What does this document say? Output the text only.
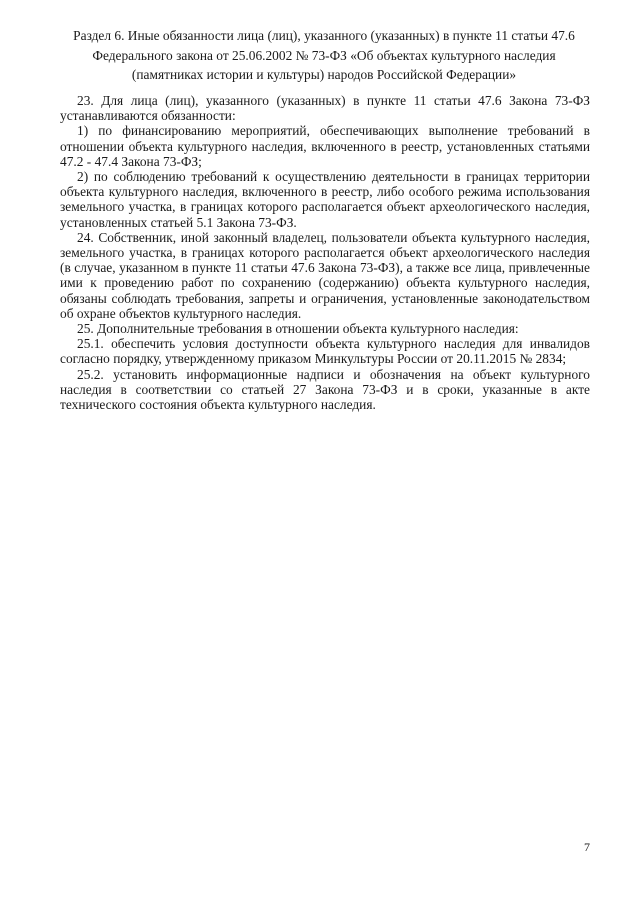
Раздел 6. Иные обязанности лица (лиц), указанного (указанных) в пункте 11 статьи 47.6
Федерального закона от 25.06.2002 № 73-ФЗ «Об объектах культурного наследия
(памятниках истории и культуры) народов Российской Федерации»

23. Для лица (лиц), указанного (указанных) в пункте 11 статьи 47.6 Закона 73-ФЗ устанавливаются обязанности:

1) по финансированию мероприятий, обеспечивающих выполнение требований в отношении объекта культурного наследия, включенного в реестр, установленных статьями 47.2 - 47.4 Закона 73-ФЗ;

2) по соблюдению требований к осуществлению деятельности в границах территории объекта культурного наследия, включенного в реестр, либо особого режима использования земельного участка, в границах которого располагается объект археологического наследия, установленных статьей 5.1 Закона 73-ФЗ.

24. Собственник, иной законный владелец, пользователи объекта культурного наследия, земельного участка, в границах которого располагается объект археологического наследия (в случае, указанном в пункте 11 статьи 47.6 Закона 73-ФЗ), а также все лица, привлеченные ими к проведению работ по сохранению (содержанию) объекта культурного наследия, обязаны соблюдать требования, запреты и ограничения, установленные законодательством об охране объектов культурного наследия.

25. Дополнительные требования в отношении объекта культурного наследия:

25.1. обеспечить условия доступности объекта культурного наследия для инвалидов согласно порядку, утвержденному приказом Минкультуры России от 20.11.2015 № 2834;

25.2. установить информационные надписи и обозначения на объект культурного наследия в соответствии со статьей 27 Закона 73-ФЗ и в сроки, указанные в акте технического состояния объекта культурного наследия.

7
